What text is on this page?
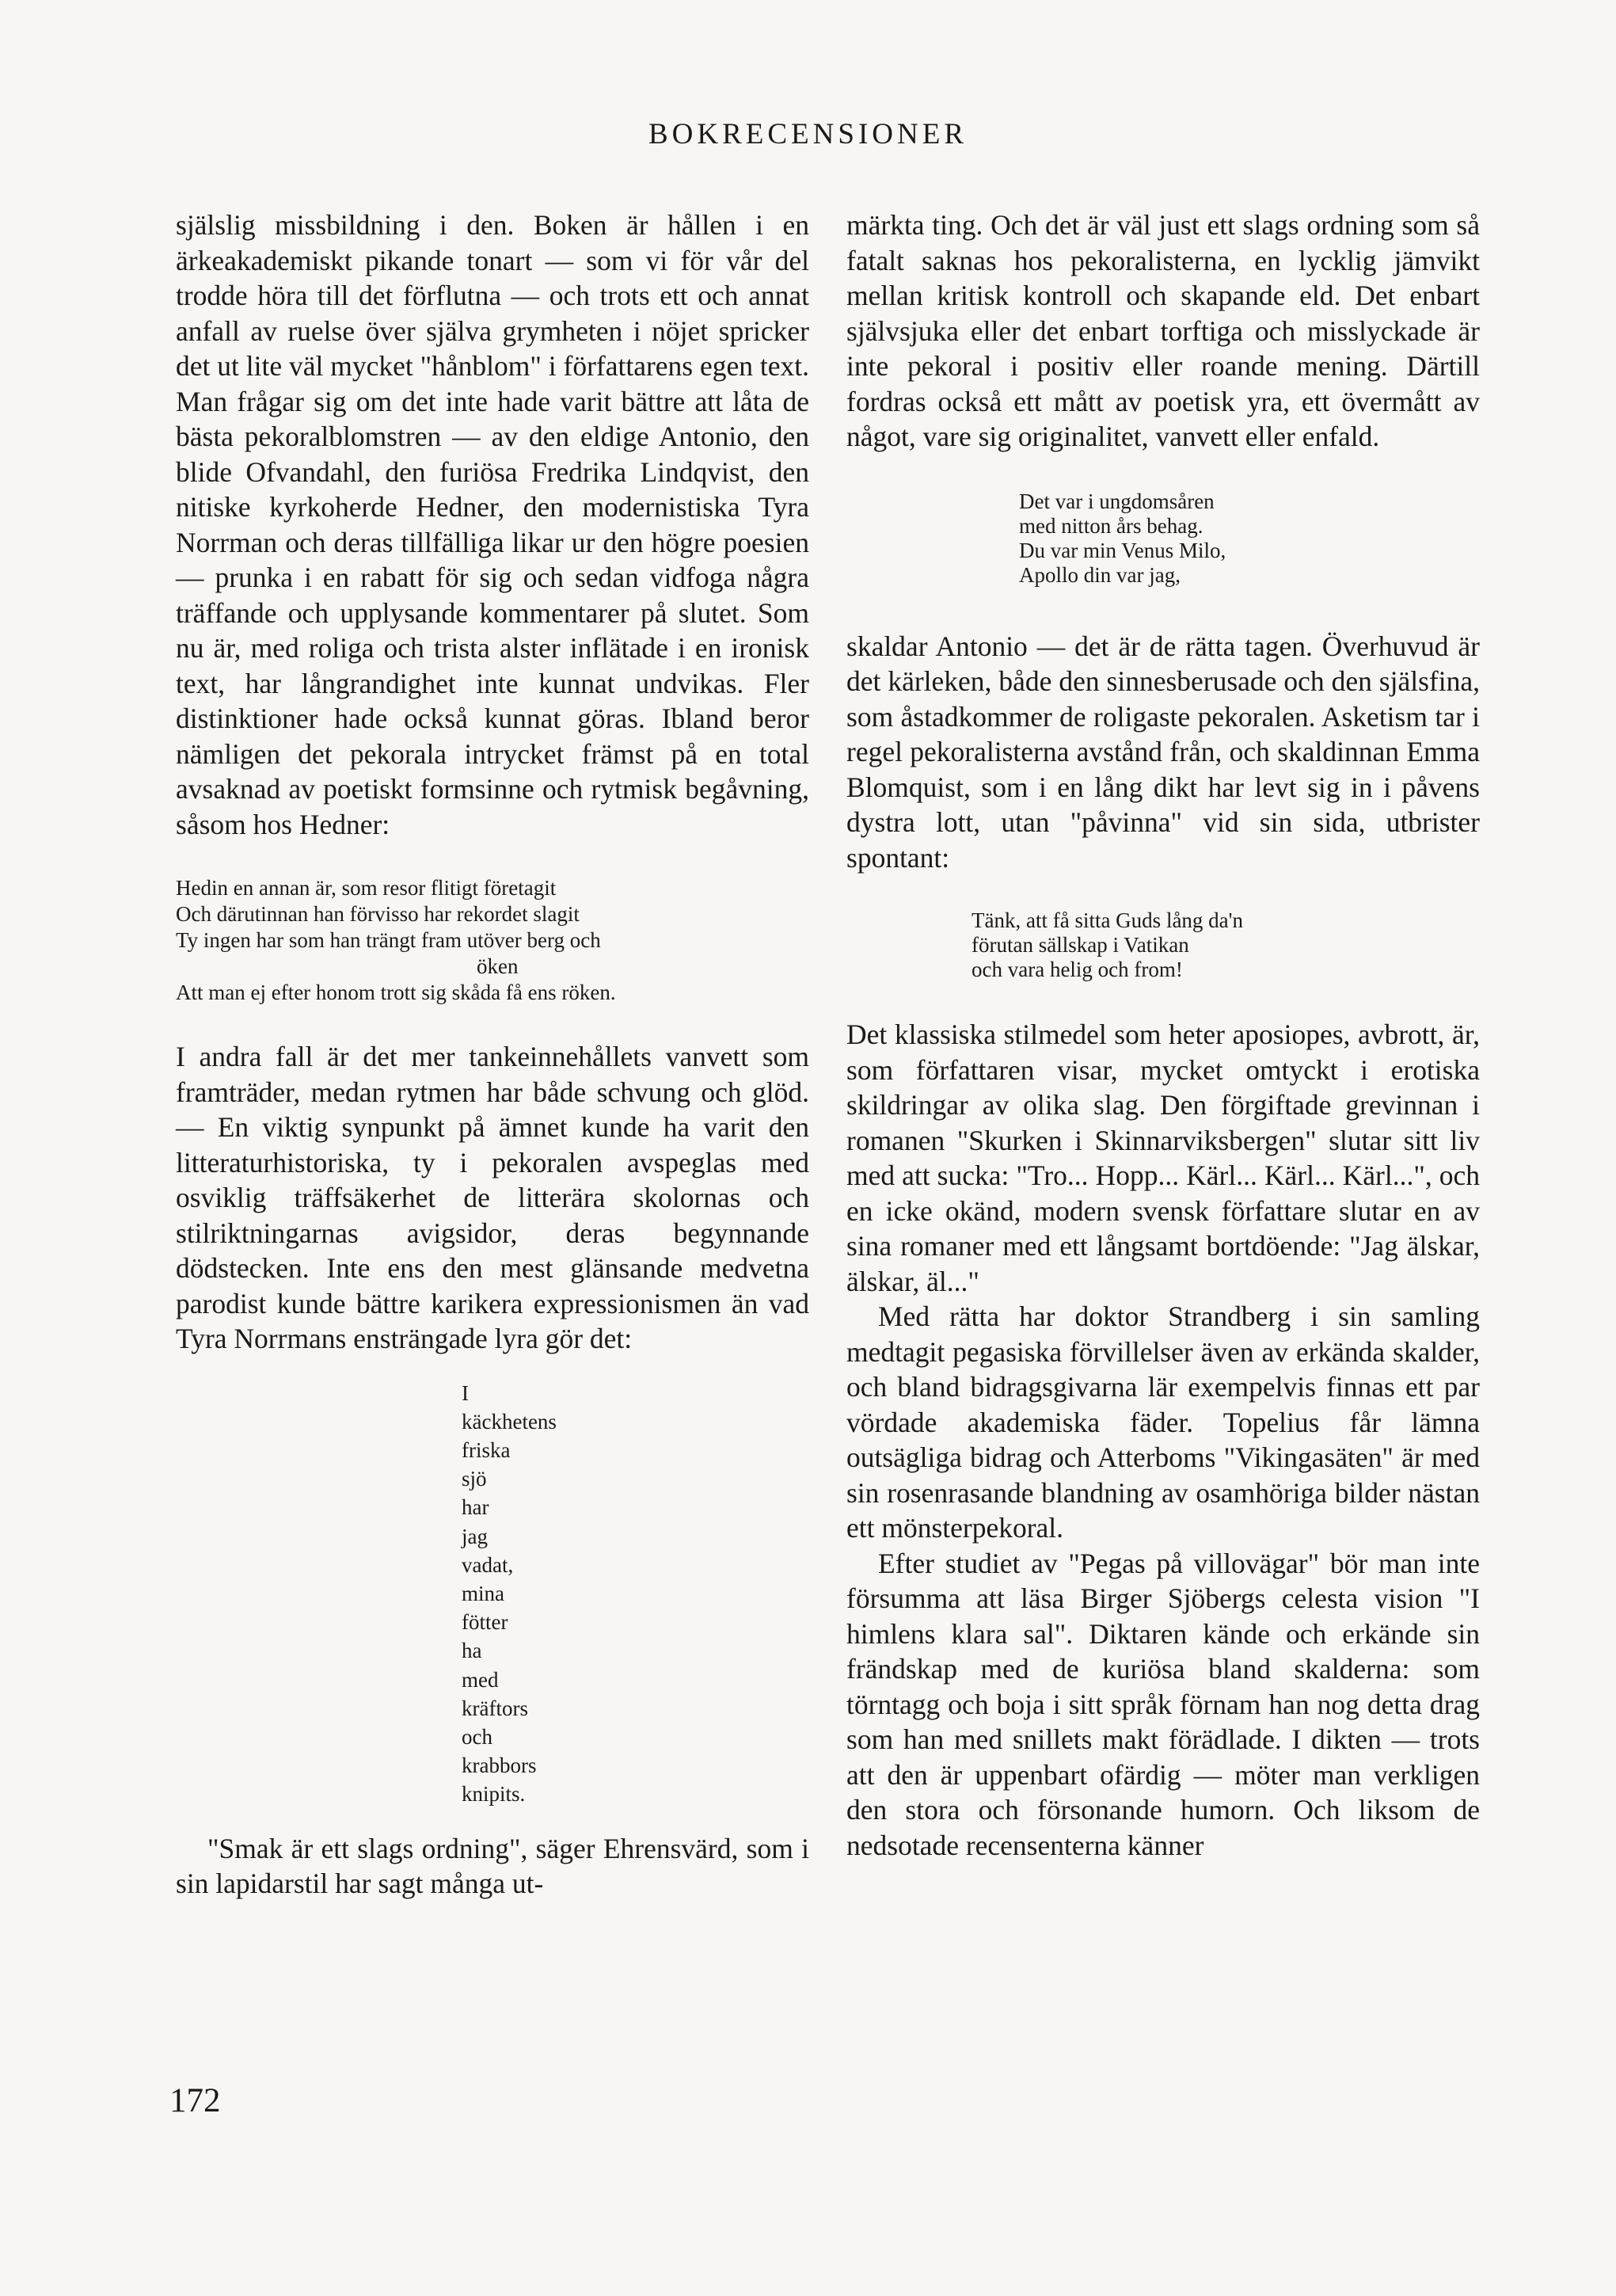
BOKRECENSIONER

själslig missbildning i den. Boken är hållen i en ärkeakademiskt pikande tonart — som vi för vår del trodde höra till det förflutna — och trots ett och annat anfall av ruelse över själva grymheten i nöjet spricker det ut lite väl mycket "hånblom" i författarens egen text. Man frågar sig om det inte hade varit bättre att låta de bästa pekoralblomstren — av den eldige Antonio, den blide Ofvandahl, den furiösa Fredrika Lindqvist, den nitiske kyrkoherde Hedner, den modernistiska Tyra Norrman och deras tillfälliga likar ur den högre poesien — prunka i en rabatt för sig och sedan vidfoga några träffande och upplysande kommentarer på slutet. Som nu är, med roliga och trista alster inflätade i en ironisk text, har långrandighet inte kunnat undvikas. Fler distinktioner hade också kunnat göras. Ibland beror nämligen det pekorala intrycket främst på en total avsaknad av poetiskt formsinne och rytmisk begåvning, såsom hos Hedner:

Hedin en annan är, som resor flitigt företagit
Och därutinnan han förvisso har rekordet slagit
Ty ingen har som han trängt fram utöver berg och
öken
Att man ej efter honom trott sig skåda få ens röken.

I andra fall är det mer tankeinnehållets vanvett som framträder, medan rytmen har både schvung och glöd. — En viktig synpunkt på ämnet kunde ha varit den litteraturhistoriska, ty i pekoralen avspeglas med osviklig träffsäkerhet de litterära skolornas och stilriktningarnas avigsidor, deras begynnande dödstecken. Inte ens den mest glänsande medvetna parodist kunde bättre karikera expressionismen än vad Tyra Norrmans ensträngade lyra gör det:

I
käckhetens
friska
sjö
har
jag
vadat,
mina
fötter
ha
med
kräftors
och
krabbors
knipits.

"Smak är ett slags ordning", säger Ehrensvärd, som i sin lapidarstil har sagt många ut-

märkta ting. Och det är väl just ett slags ordning som så fatalt saknas hos pekoralisterna, en lycklig jämvikt mellan kritisk kontroll och skapande eld. Det enbart självsjuka eller det enbart torftiga och misslyckade är inte pekoral i positiv eller roande mening. Därtill fordras också ett mått av poetisk yra, ett övermått av något, vare sig originalitet, vanvett eller enfald.

Det var i ungdomsåren
med nitton års behag.
Du var min Venus Milo,
Apollo din var jag,

skaldar Antonio — det är de rätta tagen. Överhuvud är det kärleken, både den sinnesberusade och den själsfina, som åstadkommer de roligaste pekoralen. Asketism tar i regel pekoralisterna avstånd från, och skaldinnan Emma Blomquist, som i en lång dikt har levt sig in i påvens dystra lott, utan "påvinna" vid sin sida, utbrister spontant:

Tänk, att få sitta Guds lång da'n
förutan sällskap i Vatikan
och vara helig och from!

Det klassiska stilmedel som heter aposiopes, avbrott, är, som författaren visar, mycket omtyckt i erotiska skildringar av olika slag. Den förgiftade grevinnan i romanen "Skurken i Skinnarviksbergen" slutar sitt liv med att sucka: "Tro... Hopp... Kärl... Kärl... Kärl...", och en icke okänd, modern svensk författare slutar en av sina romaner med ett långsamt bortdöende: "Jag älskar, älskar, äl..."

Med rätta har doktor Strandberg i sin samling medtagit pegasiska förvillelser även av erkända skalder, och bland bidragsgivarna lär exempelvis finnas ett par vördade akademiska fäder. Topelius får lämna outsägliga bidrag och Atterboms "Vikingasäten" är med sin rosenrasande blandning av osamhöriga bilder nästan ett mönsterpekoral.

Efter studiet av "Pegas på villovägar" bör man inte försumma att läsa Birger Sjöbergs celesta vision "I himlens klara sal". Diktaren kände och erkände sin frändskap med de kuriösa bland skalderna: som törntagg och boja i sitt språk förnam han nog detta drag som han med snillets makt förädlade. I dikten — trots att den är uppenbart ofärdig — möter man verkligen den stora och försonande humorn. Och liksom de nedsotade recensenterna känner

172
